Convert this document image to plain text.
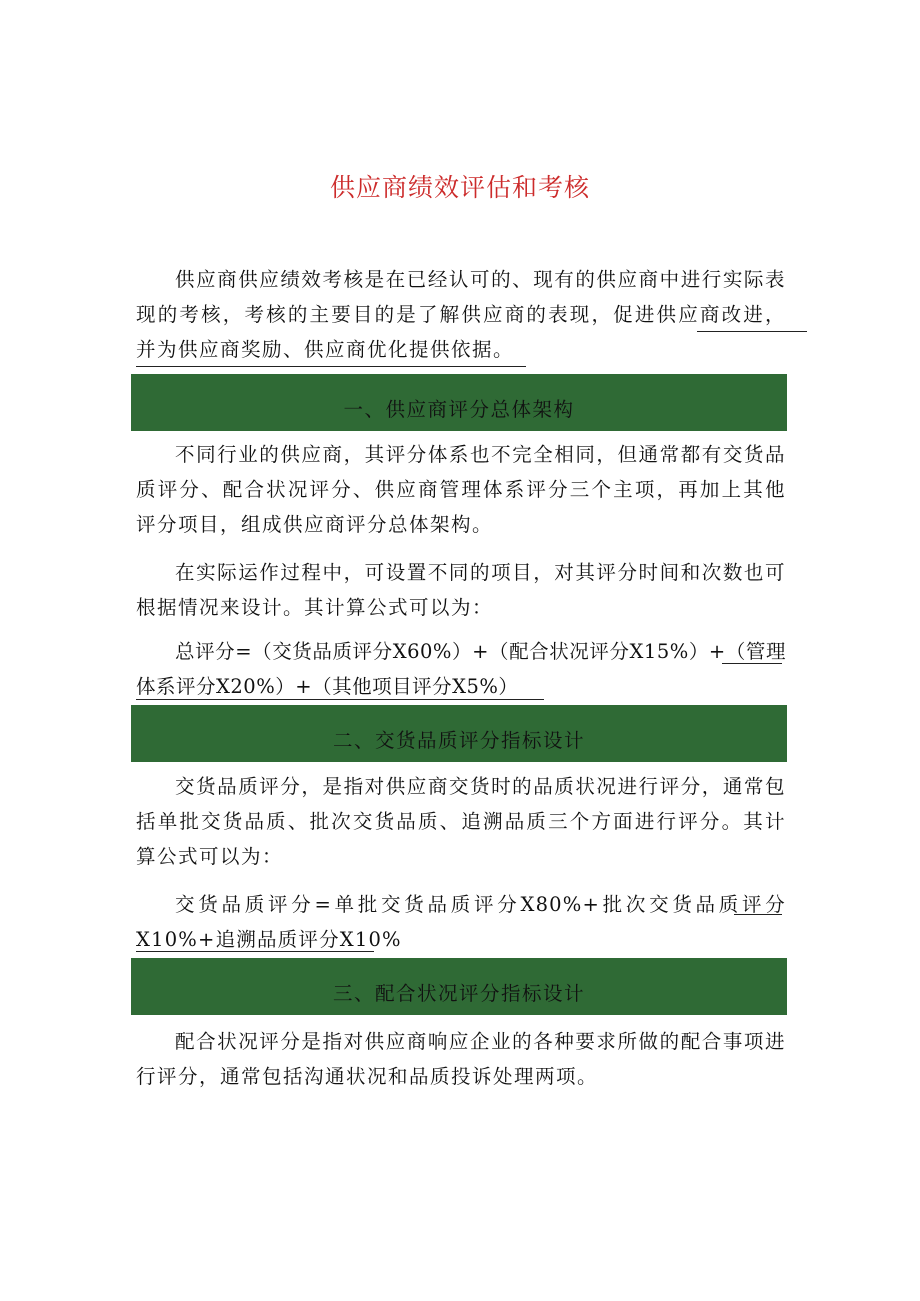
供应商绩效评估和考核

供应商供应绩效考核是在已经认可的、现有的供应商中进行实际表现的考核，考核的主要目的是了解供应商的表现，促进供应商改进，并为供应商奖励、供应商优化提供依据。

一、供应商评分总体架构

不同行业的供应商，其评分体系也不完全相同，但通常都有交货品质评分、配合状况评分、供应商管理体系评分三个主项，再加上其他评分项目，组成供应商评分总体架构。

在实际运作过程中，可设置不同的项目，对其评分时间和次数也可根据情况来设计。其计算公式可以为：

总评分=（交货品质评分X60%）+（配合状况评分X15%）+（管理体系评分X20%）+（其他项目评分X5%）

二、交货品质评分指标设计

交货品质评分，是指对供应商交货时的品质状况进行评分，通常包括单批交货品质、批次交货品质、追溯品质三个方面进行评分。其计算公式可以为：

交货品质评分=单批交货品质评分X80%+批次交货品质评分X10%+追溯品质评分X10%

三、配合状况评分指标设计

配合状况评分是指对供应商响应企业的各种要求所做的配合事项进行评分，通常包括沟通状况和品质投诉处理两项。
